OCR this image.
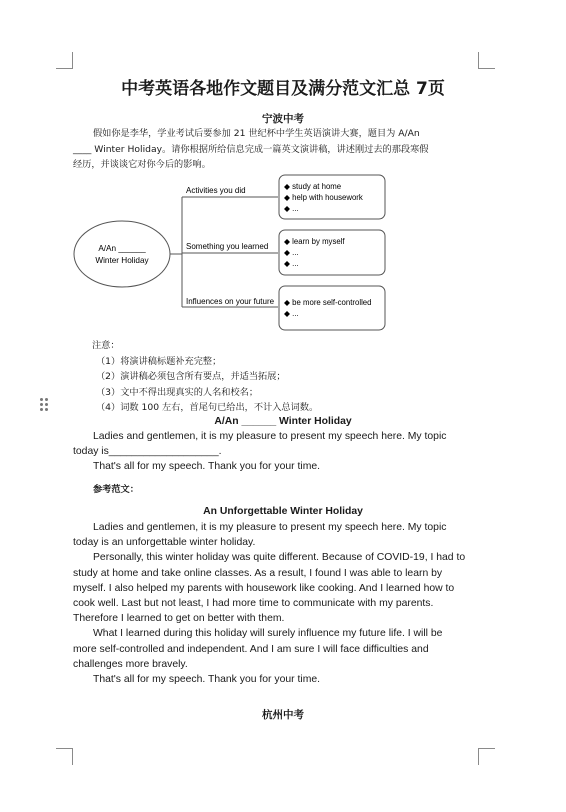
中考英语各地作文题目及满分范文汇总 7页
宁波中考
假如你是李华，学业考试后要参加 21 世纪杯中学生英语演讲大赛，题目为 A/An
____ Winter Holiday。请你根据所给信息完成一篇英文演讲稿，讲述刚过去的那段寒假
经历，并谈谈它对你今后的影响。
A/An ______
Winter Holiday
Activities you did
Something you learned
Influences on your future
◆ study at home
◆ help with housework
◆ ...
◆ learn by myself
◆ ...
◆ ...
◆ be more self-controlled
◆ ...
注意：
（1）将演讲稿标题补充完整；
（2）演讲稿必须包含所有要点，并适当拓展；
（3）文中不得出现真实的人名和校名；
（4）词数 100 左右，首尾句已给出，不计入总词数。
A/An ______ Winter Holiday
Ladies and gentlemen, it is my pleasure to present my speech here. My topic
today is___________________.
That's all for my speech. Thank you for your time.
参考范文：
An Unforgettable Winter Holiday
Ladies and gentlemen, it is my pleasure to present my speech here. My topic
today is an unforgettable winter holiday.
Personally, this winter holiday was quite different. Because of COVID-19, I had to
study at home and take online classes. As a result, I found I was able to learn by
myself. I also helped my parents with housework like cooking. And I learned how to
cook well. Last but not least, I had more time to communicate with my parents.
Therefore I learned to get on better with them.
What I learned during this holiday will surely influence my future life. I will be
more self-controlled and independent. And I am sure I will face difficulties and
challenges more bravely.
That's all for my speech. Thank you for your time.
杭州中考
